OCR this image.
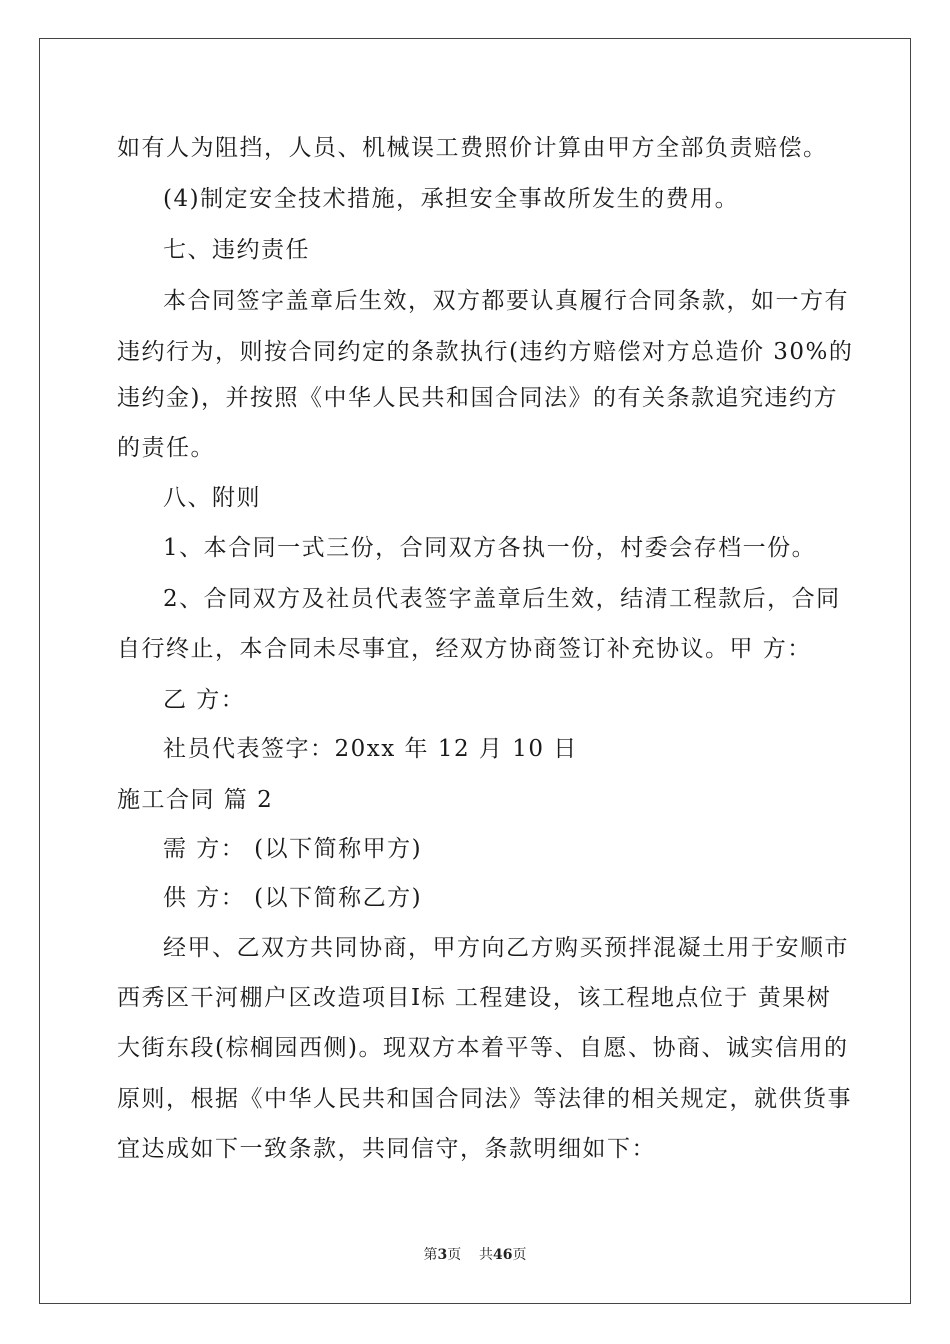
如有人为阻挡，人员、机械误工费照价计算由甲方全部负责赔偿。
(4)制定安全技术措施，承担安全事故所发生的费用。
七、违约责任
本合同签字盖章后生效，双方都要认真履行合同条款，如一方有
违约行为，则按合同约定的条款执行(违约方赔偿对方总造价 30%的
违约金)，并按照《中华人民共和国合同法》的有关条款追究违约方
的责任。
八、附则
1、本合同一式三份，合同双方各执一份，村委会存档一份。
2、合同双方及社员代表签字盖章后生效，结清工程款后，合同
自行终止，本合同未尽事宜，经双方协商签订补充协议。甲 方：
乙 方：
社员代表签字：20xx 年 12 月 10 日
施工合同 篇 2
需 方： (以下简称甲方)
供 方： (以下简称乙方)
经甲、乙双方共同协商，甲方向乙方购买预拌混凝土用于安顺市
西秀区干河棚户区改造项目Ⅰ标 工程建设，该工程地点位于 黄果树
大街东段(棕榈园西侧)。现双方本着平等、自愿、协商、诚实信用的
原则，根据《中华人民共和国合同法》等法律的相关规定，就供货事
宜达成如下一致条款，共同信守，条款明细如下：
第3页 共46页
